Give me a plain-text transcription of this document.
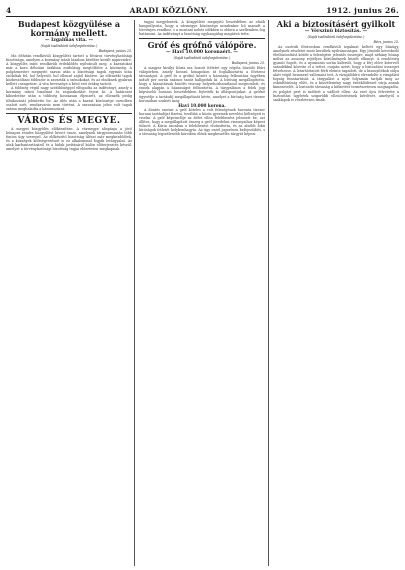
4	ARADI KÖZLÖNY.	1912. junius 26.
Budapest közgyülése a kormány mellett.
— Izgalmas vita. —
(Saját tudósítónk telefonjelentése.)
Budapest, junius 25.

Ma délután rendkívüli közgyűlést tartott a főváros törvényhatósági bizottsága, amelyen a kormány iránti bizalom kérdése került napirendre. A közgyűlés iránt rendkívüli érdeklődés nyilvánult meg, a karzatokat már a kora délutáni órákban zsúfolásig megtöltötte a közönség. A polgármester megnyitó szavai után a bizottsági tagok egymás után szólaltak fel, hol helyeslő, hol ellenző zajtól kísérve. Az ellenzéki tagok közbeszólásai többször is zavarták a szónokokat, és az elnöknek gyakran kellett csengetnie. A vita hevessége a késő esti órákig tartott.

A többség végül nagy szótöbbséggel elfogadta az indítványt, amely a kormány iránti bizalmat és ragaszkodást fejezi ki. A határozat kihirdetése után a többség hosszasan éljenzett, az ellenzék pedig tiltakozását jelentette be. Az ülés után a karzat közönsége csendben oszlott szét, rendzavarás nem történt. A szavazáson jelen volt tagok száma meghaladta a háromszázat.

VÁROS ÉS MEGYE.

A megyei közgyűlés előkészítése. A vármegye alispánja a jövő hónapra rendes közgyűlést hívott össze, amelynek tárgysorozatán több fontos ügy szerepel. Az előkészítő bizottság ülései már megkezdődtek, és a községek költségvetéseit is ez alkalommal fogják letárgyalni. Az utak karbantartásáról és a hidak javításáról külön előterjesztés készül, amelyet a törvényhatósági bizottság tagjai előzetesen megkapnak.

tagjai megjelentek. A közgyűlést megnyitó beszédében az elnök hangsúlyozta, hogy a vármegye közönsége mindenkor hű maradt a törvényes rendhez, s a mostani nehéz időkben is ebben a szellemben fog határozni. Az indítványt a bizottság egyhangúlag magáévá tette.

Gróf és grófnő válópöre.
— Havi 10.000 koronaért. —
(Saját tudósítónk telefonjelentése.)
Budapest, junius 25.

A magyar királyi Kúria ma hozott ítéletet egy régóta húzódó főúri válópörben, amely hosszú hónapokon át foglalkoztatta a fővárosi társaságot. A gróf és a grófnő között a házasság felbontása ügyében indult per során számos tanút hallgattak ki. A bíróság megállapította, hogy a házastársak közötti viszony helyrehozhatatlanul megromlott, és ennek alapján a házasságot felbontotta. A tárgyaláson a felek jogi képviselői hosszas beszédekben fejtették ki álláspontjukat. A grófnő ügyvédje a tartásdíj megállapítását kérte, amelyet a bíróság havi tízezer koronában szabott meg.

Havi 10.000 korona.

A döntés szerint a gróf köteles a volt feleségének havonta tízezer korona tartásdíjat fizetni, továbbá a közös gyermek nevelési költségeit is viselni. A gróf képviselője az ítélet ellen felebbezést jelentett be, azt állítva, hogy a megállapított összeg a gróf jövedelmi viszonyaihoz képest túlzott. A Kúria azonban a felebbezést elutasította, és az alsóbb fokú bíróságok ítéletét helybenhagyta. Az ügy ezzel jogerősen befejeződött, s a társaság legszélesebb köreiben élénk megbeszélés tárgyát képezi.

Aki a biztosításért gyilkolt
— Vérszinü biztosítás. —
(Saját tudósítónk telefonjelentése.)
Bécs, junius 25.

Az osztrák fővárosban rendkívüli izgalmat keltett egy bűnügy, amelynek részletei most kerültek nyilvánosságra. Egy jómódú kereskedő életbiztosítást kötött a feleségére jelentős összegre, majd néhány hónap múlva az asszony rejtélyes körülmények között elhunyt. A rendőrség gyanút fogott, és a nyomozás során kiderült, hogy a férj előre kitervelt szándékkal követte el a tettet, csupán azért, hogy a biztosítási összeget felvehesse. A letartóztatott férfi eleinte tagadott, de a bizonyítékok súlya alatt végül beismerő vallomást tett. A vizsgálóbíró elrendelte a vizsgálati fogság fenntartását. A tárgyalást a nyár folyamán tartják meg az esküdtbíróság előtt, és a közvélemény nagy érdeklődéssel várja annak kimenetelét. A biztosító társaság a kifizetést természetesen megtagadta, és polgári pert is indított a vádlott ellen. Az eset újra felvetette a biztosítási ügyletek szigorúbb ellenőrzésének kérdését, amelyről a szaklapok is részletesen írnak.
